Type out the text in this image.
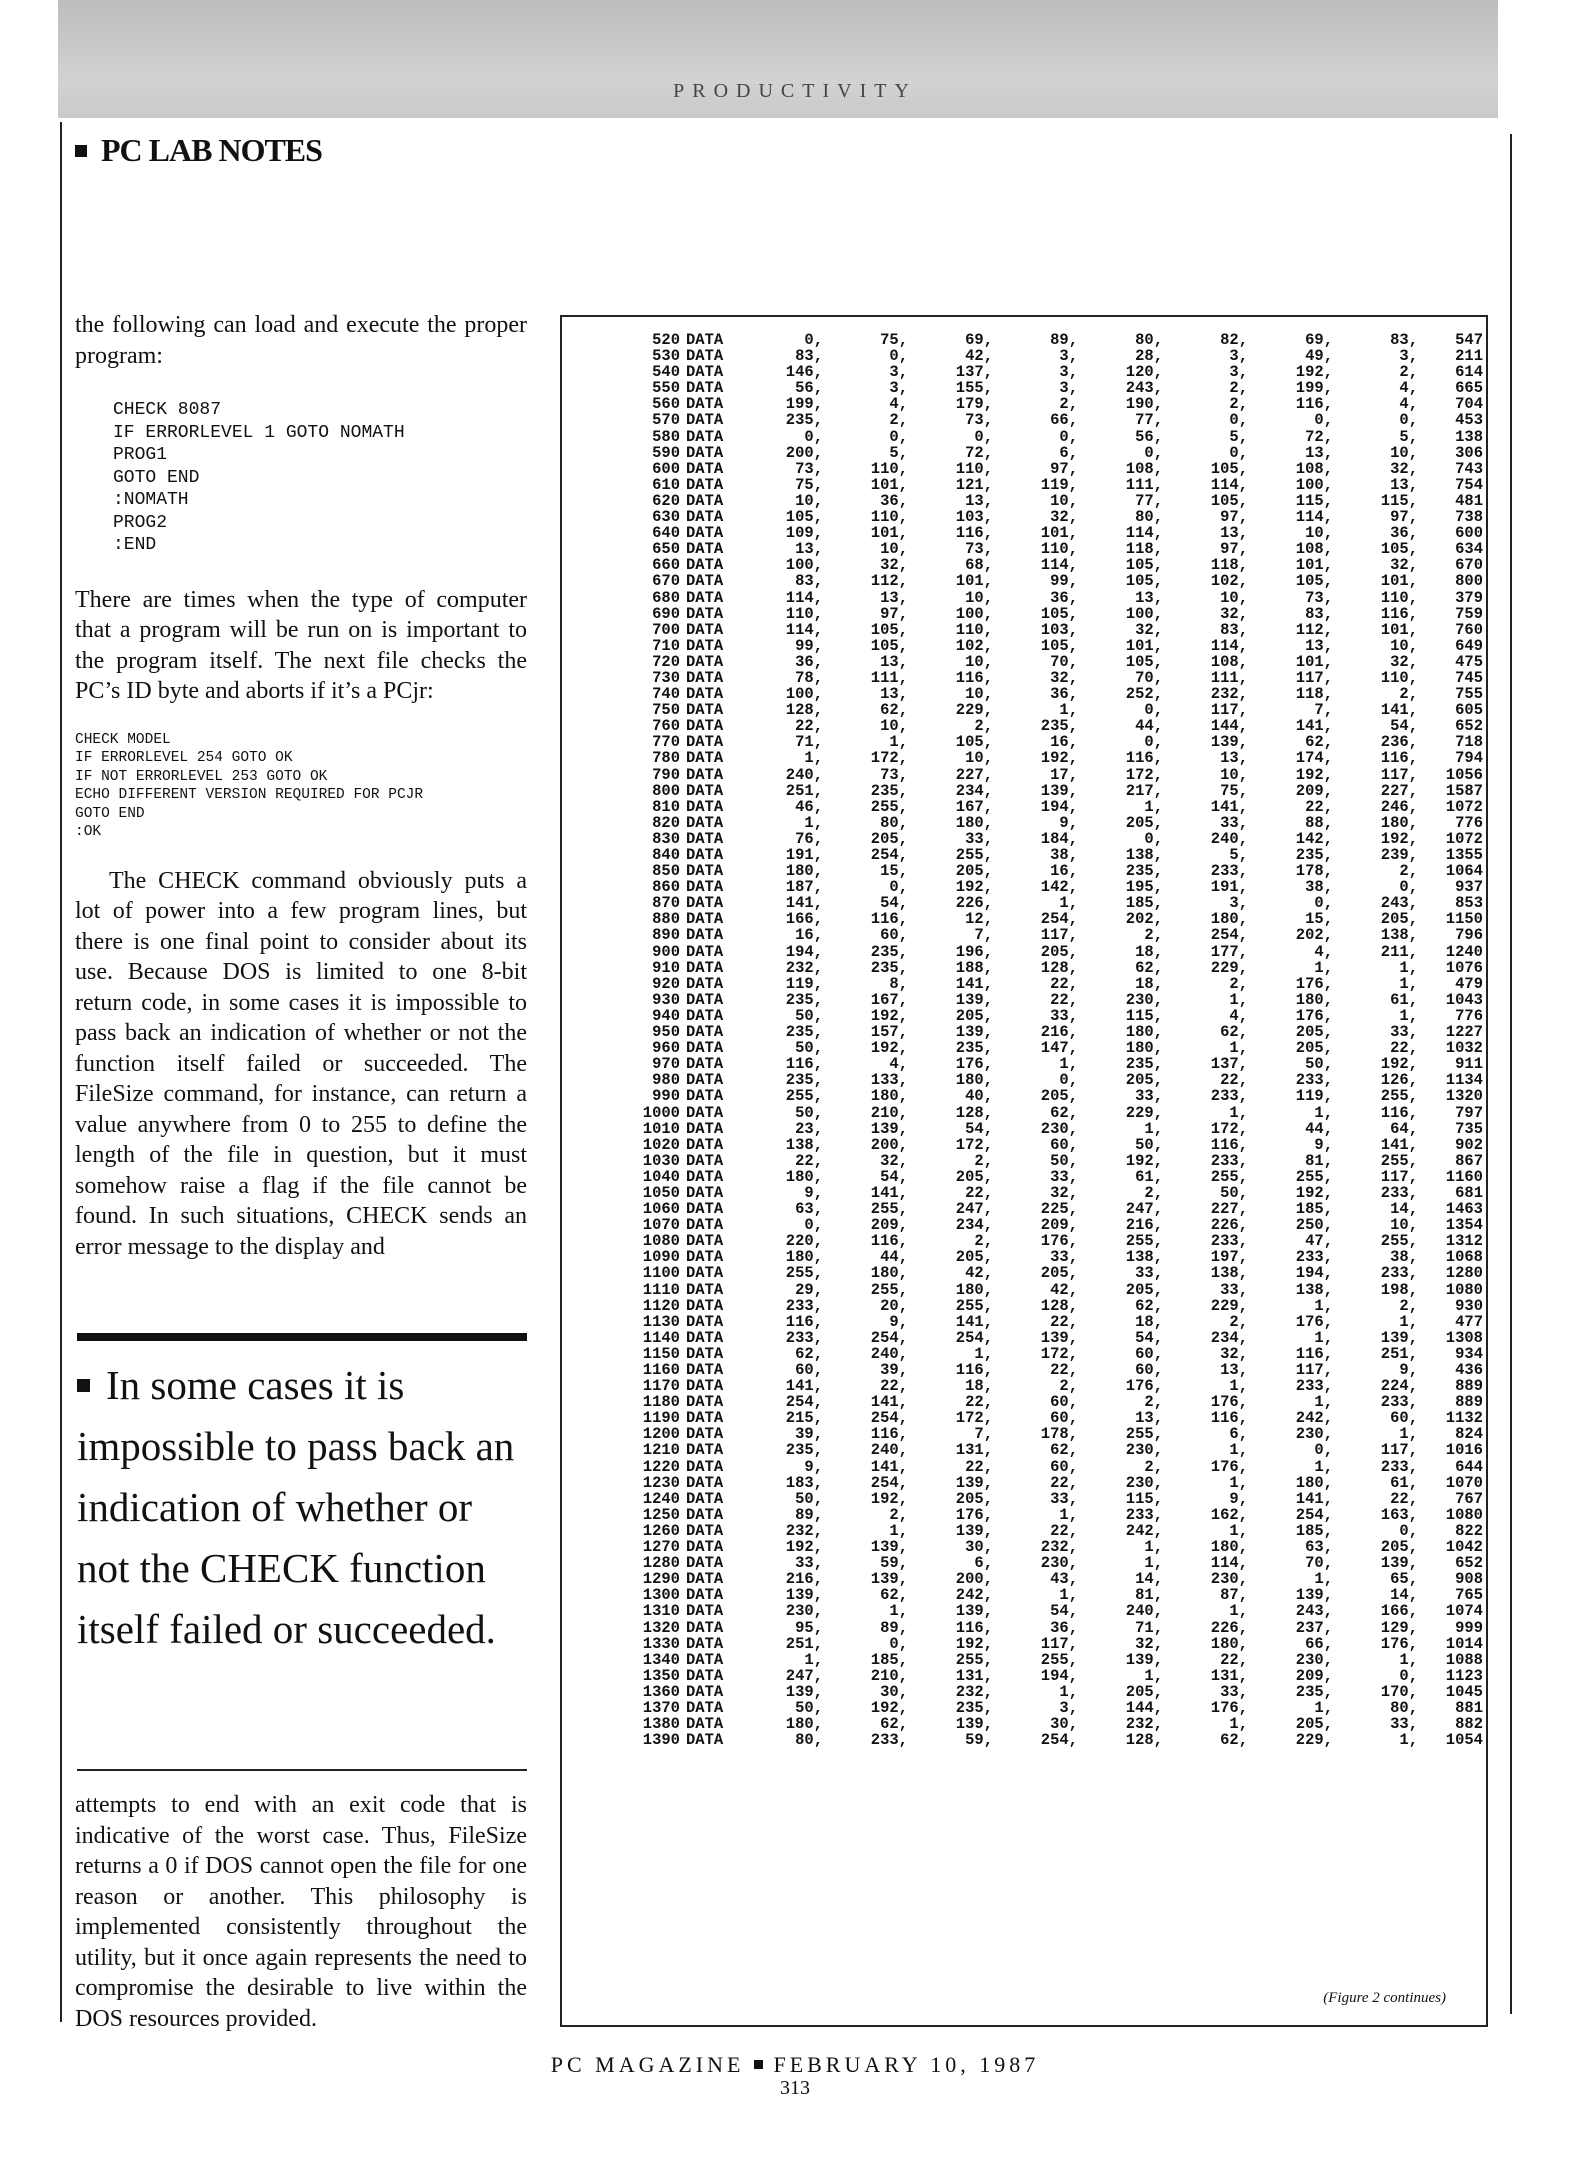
PRODUCTIVITY
PC LAB NOTES

the following can load and execute the proper program:

CHECK 8087
IF ERRORLEVEL 1 GOTO NOMATH
PROG1
GOTO END
:NOMATH
PROG2
:END

There are times when the type of computer that a program will be run on is important to the program itself. The next file checks the PC’s ID byte and aborts if it’s a PCjr:

CHECK MODEL
IF ERRORLEVEL 254 GOTO OK
IF NOT ERRORLEVEL 253 GOTO OK
ECHO DIFFERENT VERSION REQUIRED FOR PCJR
GOTO END
:OK

The CHECK command obviously puts a lot of power into a few program lines, but there is one final point to consider about its use. Because DOS is limited to one 8-bit return code, in some cases it is impossible to pass back an indication of whether or not the function itself failed or succeeded. The FileSize command, for instance, can return a value anywhere from 0 to 255 to define the length of the file in question, but it must somehow raise a flag if the file cannot be found. In such situations, CHECK sends an error message to the display and

In some cases it is impossible to pass back an indication of whether or not the CHECK function itself failed or succeeded.

attempts to end with an exit code that is indicative of the worst case. Thus, FileSize returns a 0 if DOS cannot open the file for one reason or another. This philosophy is implemented consistently throughout the utility, but it once again represents the need to compromise the desirable to live within the DOS resources provided.

520	DATA	0,	75,	69,	89,	80,	82,	69,	83,	547
530	DATA	83,	0,	42,	3,	28,	3,	49,	3,	211
540	DATA	146,	3,	137,	3,	120,	3,	192,	2,	614
550	DATA	56,	3,	155,	3,	243,	2,	199,	4,	665
560	DATA	199,	4,	179,	2,	190,	2,	116,	4,	704
570	DATA	235,	2,	73,	66,	77,	0,	0,	0,	453
580	DATA	0,	0,	0,	0,	56,	5,	72,	5,	138
590	DATA	200,	5,	72,	6,	0,	0,	13,	10,	306
600	DATA	73,	110,	110,	97,	108,	105,	108,	32,	743
610	DATA	75,	101,	121,	119,	111,	114,	100,	13,	754
620	DATA	10,	36,	13,	10,	77,	105,	115,	115,	481
630	DATA	105,	110,	103,	32,	80,	97,	114,	97,	738
640	DATA	109,	101,	116,	101,	114,	13,	10,	36,	600
650	DATA	13,	10,	73,	110,	118,	97,	108,	105,	634
660	DATA	100,	32,	68,	114,	105,	118,	101,	32,	670
670	DATA	83,	112,	101,	99,	105,	102,	105,	101,	800
680	DATA	114,	13,	10,	36,	13,	10,	73,	110,	379
690	DATA	110,	97,	100,	105,	100,	32,	83,	116,	759
700	DATA	114,	105,	110,	103,	32,	83,	112,	101,	760
710	DATA	99,	105,	102,	105,	101,	114,	13,	10,	649
720	DATA	36,	13,	10,	70,	105,	108,	101,	32,	475
730	DATA	78,	111,	116,	32,	70,	111,	117,	110,	745
740	DATA	100,	13,	10,	36,	252,	232,	118,	2,	755
750	DATA	128,	62,	229,	1,	0,	117,	7,	141,	605
760	DATA	22,	10,	2,	235,	44,	144,	141,	54,	652
770	DATA	71,	1,	105,	16,	0,	139,	62,	236,	718
780	DATA	1,	172,	10,	192,	116,	13,	174,	116,	794
790	DATA	240,	73,	227,	17,	172,	10,	192,	117,	1056
800	DATA	251,	235,	234,	139,	217,	75,	209,	227,	1587
810	DATA	46,	255,	167,	194,	1,	141,	22,	246,	1072
820	DATA	1,	80,	180,	9,	205,	33,	88,	180,	776
830	DATA	76,	205,	33,	184,	0,	240,	142,	192,	1072
840	DATA	191,	254,	255,	38,	138,	5,	235,	239,	1355
850	DATA	180,	15,	205,	16,	235,	233,	178,	2,	1064
860	DATA	187,	0,	192,	142,	195,	191,	38,	0,	937
870	DATA	141,	54,	226,	1,	185,	3,	0,	243,	853
880	DATA	166,	116,	12,	254,	202,	180,	15,	205,	1150
890	DATA	16,	60,	7,	117,	2,	254,	202,	138,	796
900	DATA	194,	235,	196,	205,	18,	177,	4,	211,	1240
910	DATA	232,	235,	188,	128,	62,	229,	1,	1,	1076
920	DATA	119,	8,	141,	22,	18,	2,	176,	1,	479
930	DATA	235,	167,	139,	22,	230,	1,	180,	61,	1043
940	DATA	50,	192,	205,	33,	115,	4,	176,	1,	776
950	DATA	235,	157,	139,	216,	180,	62,	205,	33,	1227
960	DATA	50,	192,	235,	147,	180,	1,	205,	22,	1032
970	DATA	116,	4,	176,	1,	235,	137,	50,	192,	911
980	DATA	235,	133,	180,	0,	205,	22,	233,	126,	1134
990	DATA	255,	180,	40,	205,	33,	233,	119,	255,	1320
1000	DATA	50,	210,	128,	62,	229,	1,	1,	116,	797
1010	DATA	23,	139,	54,	230,	1,	172,	44,	64,	735
1020	DATA	138,	200,	172,	60,	50,	116,	9,	141,	902
1030	DATA	22,	32,	2,	50,	192,	233,	81,	255,	867
1040	DATA	180,	54,	205,	33,	61,	255,	255,	117,	1160
1050	DATA	9,	141,	22,	32,	2,	50,	192,	233,	681
1060	DATA	63,	255,	247,	225,	247,	227,	185,	14,	1463
1070	DATA	0,	209,	234,	209,	216,	226,	250,	10,	1354
1080	DATA	220,	116,	2,	176,	255,	233,	47,	255,	1312
1090	DATA	180,	44,	205,	33,	138,	197,	233,	38,	1068
1100	DATA	255,	180,	42,	205,	33,	138,	194,	233,	1280
1110	DATA	29,	255,	180,	42,	205,	33,	138,	198,	1080
1120	DATA	233,	20,	255,	128,	62,	229,	1,	2,	930
1130	DATA	116,	9,	141,	22,	18,	2,	176,	1,	477
1140	DATA	233,	254,	254,	139,	54,	234,	1,	139,	1308
1150	DATA	62,	240,	1,	172,	60,	32,	116,	251,	934
1160	DATA	60,	39,	116,	22,	60,	13,	117,	9,	436
1170	DATA	141,	22,	18,	2,	176,	1,	233,	224,	889
1180	DATA	254,	141,	22,	60,	2,	176,	1,	233,	889
1190	DATA	215,	254,	172,	60,	13,	116,	242,	60,	1132
1200	DATA	39,	116,	7,	178,	255,	6,	230,	1,	824
1210	DATA	235,	240,	131,	62,	230,	1,	0,	117,	1016
1220	DATA	9,	141,	22,	60,	2,	176,	1,	233,	644
1230	DATA	183,	254,	139,	22,	230,	1,	180,	61,	1070
1240	DATA	50,	192,	205,	33,	115,	9,	141,	22,	767
1250	DATA	89,	2,	176,	1,	233,	162,	254,	163,	1080
1260	DATA	232,	1,	139,	22,	242,	1,	185,	0,	822
1270	DATA	192,	139,	30,	232,	1,	180,	63,	205,	1042
1280	DATA	33,	59,	6,	230,	1,	114,	70,	139,	652
1290	DATA	216,	139,	200,	43,	14,	230,	1,	65,	908
1300	DATA	139,	62,	242,	1,	81,	87,	139,	14,	765
1310	DATA	230,	1,	139,	54,	240,	1,	243,	166,	1074
1320	DATA	95,	89,	116,	36,	71,	226,	237,	129,	999
1330	DATA	251,	0,	192,	117,	32,	180,	66,	176,	1014
1340	DATA	1,	185,	255,	255,	139,	22,	230,	1,	1088
1350	DATA	247,	210,	131,	194,	1,	131,	209,	0,	1123
1360	DATA	139,	30,	232,	1,	205,	33,	235,	170,	1045
1370	DATA	50,	192,	235,	3,	144,	176,	1,	80,	881
1380	DATA	180,	62,	139,	30,	232,	1,	205,	33,	882
1390	DATA	80,	233,	59,	254,	128,	62,	229,	1,	1054
(Figure 2 continues)
PC MAGAZINE FEBRUARY 10, 1987
313
